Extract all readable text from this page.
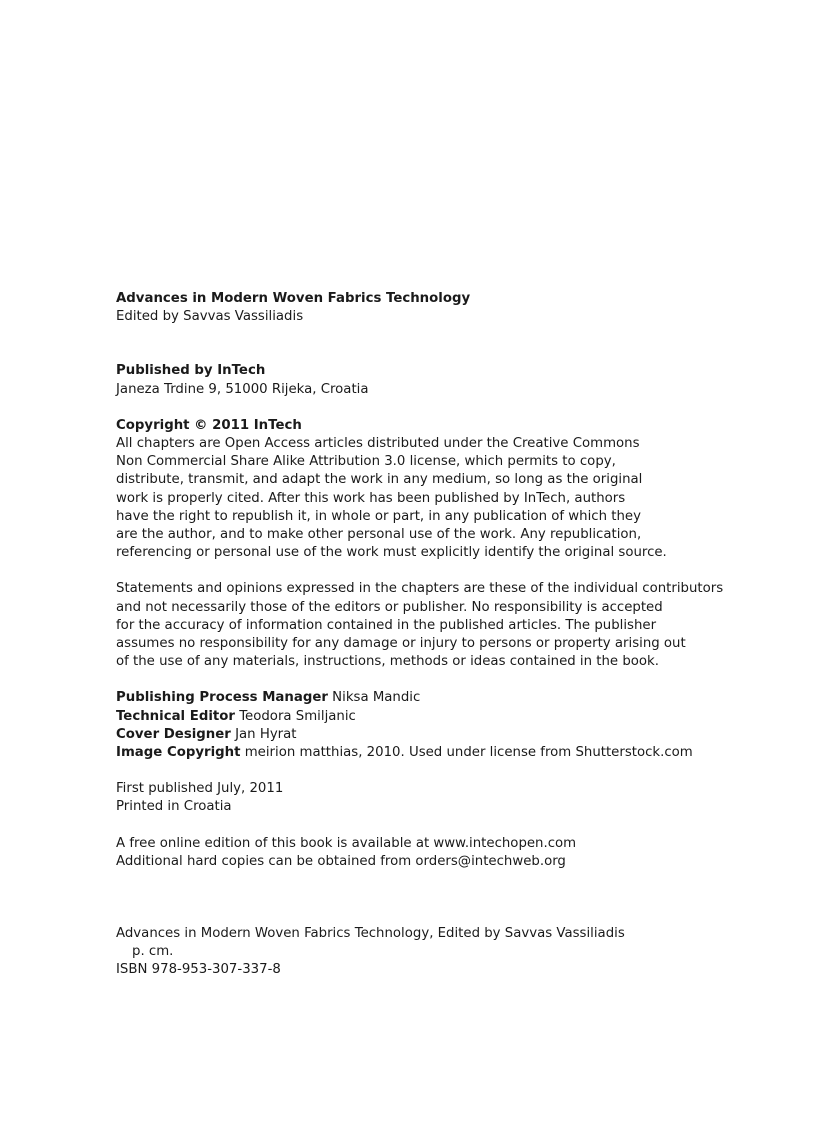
Advances in Modern Woven Fabrics Technology

Edited by Savvas Vassiliadis

Published by InTech

Janeza Trdine 9, 51000 Rijeka, Croatia

Copyright © 2011 InTech

All chapters are Open Access articles distributed under the Creative Commons

Non Commercial Share Alike Attribution 3.0 license, which permits to copy,

distribute, transmit, and adapt the work in any medium, so long as the original

work is properly cited. After this work has been published by InTech, authors

have the right to republish it, in whole or part, in any publication of which they

are the author, and to make other personal use of the work. Any republication,

referencing or personal use of the work must explicitly identify the original source.

Statements and opinions expressed in the chapters are these of the individual contributors

and not necessarily those of the editors or publisher. No responsibility is accepted

for the accuracy of information contained in the published articles. The publisher

assumes no responsibility for any damage or injury to persons or property arising out

of the use of any materials, instructions, methods or ideas contained in the book.

Publishing Process Manager Niksa Mandic

Technical Editor Teodora Smiljanic

Cover Designer Jan Hyrat

Image Copyright meirion matthias, 2010. Used under license from Shutterstock.com

First published July, 2011

Printed in Croatia

A free online edition of this book is available at www.intechopen.com

Additional hard copies can be obtained from orders@intechweb.org

Advances in Modern Woven Fabrics Technology, Edited by Savvas Vassiliadis

p. cm.

ISBN 978-953-307-337-8
